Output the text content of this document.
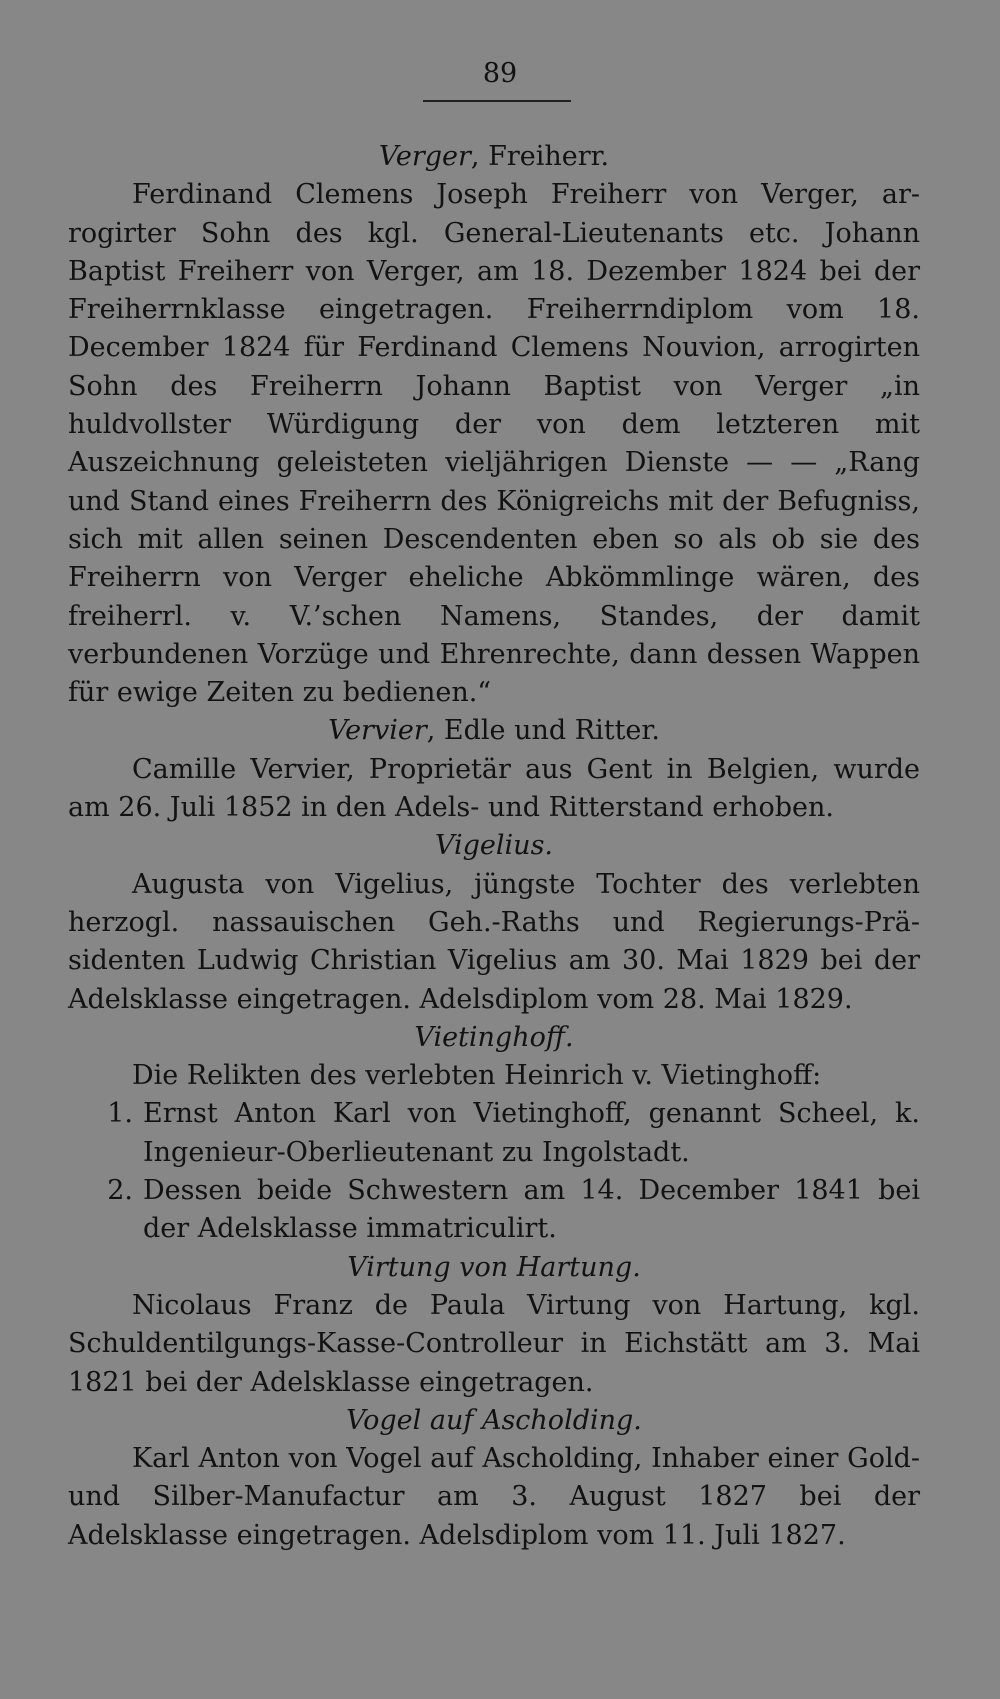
89
Verger, Freiherr.
Ferdinand Clemens Joseph Freiherr von Verger, arrogirter Sohn des kgl. General-Lieutenants etc. Johann Baptist Freiherr von Verger, am 18. Dezember 1824 bei der Freiherrnklasse eingetragen. Freiherrndiplom vom 18. December 1824 für Ferdinand Clemens Nouvion, arrogirten Sohn des Freiherrn Johann Baptist von Verger „in huldvollster Würdigung der von dem letzteren mit Auszeichnung geleisteten vieljährigen Dienste — — „Rang und Stand eines Freiherrn des Königreichs mit der Befugniss, sich mit allen seinen Descendenten eben so als ob sie des Freiherrn von Verger eheliche Abkömmlinge wären, des freiherrl. v. V.’schen Namens, Standes, der damit verbundenen Vorzüge und Ehrenrechte, dann dessen Wappen für ewige Zeiten zu bedienen.“
Vervier, Edle und Ritter.
Camille Vervier, Proprietär aus Gent in Belgien, wurde am 26. Juli 1852 in den Adels- und Ritterstand erhoben.
Vigelius.
Augusta von Vigelius, jüngste Tochter des verlebten herzogl. nassauischen Geh.-Raths und Regierungs-Präsidenten Ludwig Christian Vigelius am 30. Mai 1829 bei der Adelsklasse eingetragen. Adelsdiplom vom 28. Mai 1829.
Vietinghoff.
Die Relikten des verlebten Heinrich v. Vietinghoff:
1. Ernst Anton Karl von Vietinghoff, genannt Scheel, k. Ingenieur-Oberlieutenant zu Ingolstadt.
2. Dessen beide Schwestern am 14. December 1841 bei der Adelsklasse immatriculirt.
Virtung von Hartung.
Nicolaus Franz de Paula Virtung von Hartung, kgl. Schuldentilgungs-Kasse-Controlleur in Eichstätt am 3. Mai 1821 bei der Adelsklasse eingetragen.
Vogel auf Ascholding.
Karl Anton von Vogel auf Ascholding, Inhaber einer Gold- und Silber-Manufactur am 3. August 1827 bei der Adelsklasse eingetragen. Adelsdiplom vom 11. Juli 1827.
